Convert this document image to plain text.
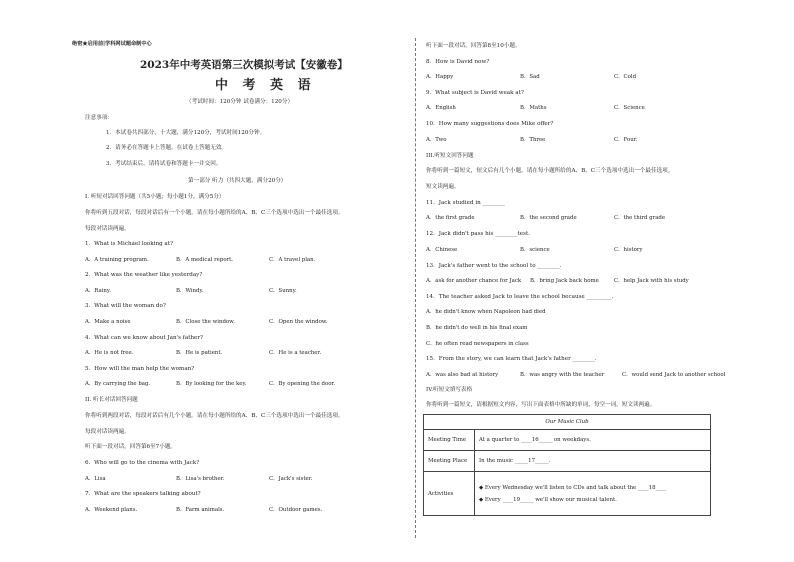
绝密★启用前|学科网试题命制中心
2023年中考英语第三次模拟考试【安徽卷】
中 考 英 语
（考试时间：120分钟 试卷满分：120分）
注意事项：
1．本试卷共四部分，十大题，满分120分，考试时间120分钟。
2．请务必在答题卡上答题，在试卷上答题无效。
3．考试结束后，请将试卷和答题卡一并交回。
第一部分 听力（共四大题，满分20分）
I. 听短对话回答问题（共5小题；每小题1分，满分5分）
你将听到五段对话，每段对话后有一个小题。请在每小题所给的A、B、C三个选项中选出一个最佳选项。
每段对话读两遍。
1．What is Michael looking at?
A．A training program.	B．A medical report.	C．A travel plan.
2．What was the weather like yesterday?
A．Rainy.	B．Windy.	C．Sunny.
3．What will the woman do?
A．Make a noise	B．Close the window.	C．Open the window.
4．What can we know about Jan's father?
A．He is not free.	B．He is patient.	C．He is a teacher.
5．How will the man help the woman?
A．By carrying the bag.	B．By looking for the key.	C．By opening the door.
II. 听长对话回答问题
你将听到两段对话，每段对话后有几个小题。请在每小题所给的A、B、C三个选项中选出一个最佳选项。
每段对话读两遍。
听下面一段对话，回答第6至7小题。
6．Who will go to the cinema with Jack?
A．Lisa	B．Lisa's brother.	C．Jack's sister.
7．What are the speakers talking about?
A．Weekend plans.	B．Farm animals.	C．Outdoor games.
听下面一段对话，回答第8至10小题。
8．How is David now?
A．Happy	B．Sad	C．Cold
9．What subject is David weak at?
A．English	B．Maths	C．Science
10．How many suggestions does Mike offer?
A．Two	B．Three	C．Four.
III.听短文回答问题
你将听到一篇短文，短文后有几个小题。请在每小题所给的A、B、C三个选项中选出一个最佳选项。
短文读两遍。
11．Jack studied in ________
A．the first grade	B．the second grade	C．the third grade
12．Jack didn't pass his ________test.
A．Chinese	B．science	C．history
13．Jack's father went to the school to ________.
A．ask for another chance for Jack B．bring Jack back home	C．help Jack with his study
14．The teacher asked Jack to leave the school because _________.
A．he didn't know when Napoleon had died
B．he didn't do well in his final exam
C．he often read newspapers in class
15．From the story, we can learn that Jack's father ________.
A．was also bad at history	B．was angry with the teacher	C．would send Jack to another school
IV.听短文填写表格
你将听到一篇短文，请根据短文内容，写出下面表格中所缺的单词，每空一词。短文读两遍。
Our Music Club	
Meeting Time	At a quarter to ____16_____ on weekdays.
Meeting Place	In the music _____17_____.
Activities	◆ Every Wednesday we'll listen to CDs and talk about the ____18____
◆ Every ____19_____ we'll show our musical talent.
